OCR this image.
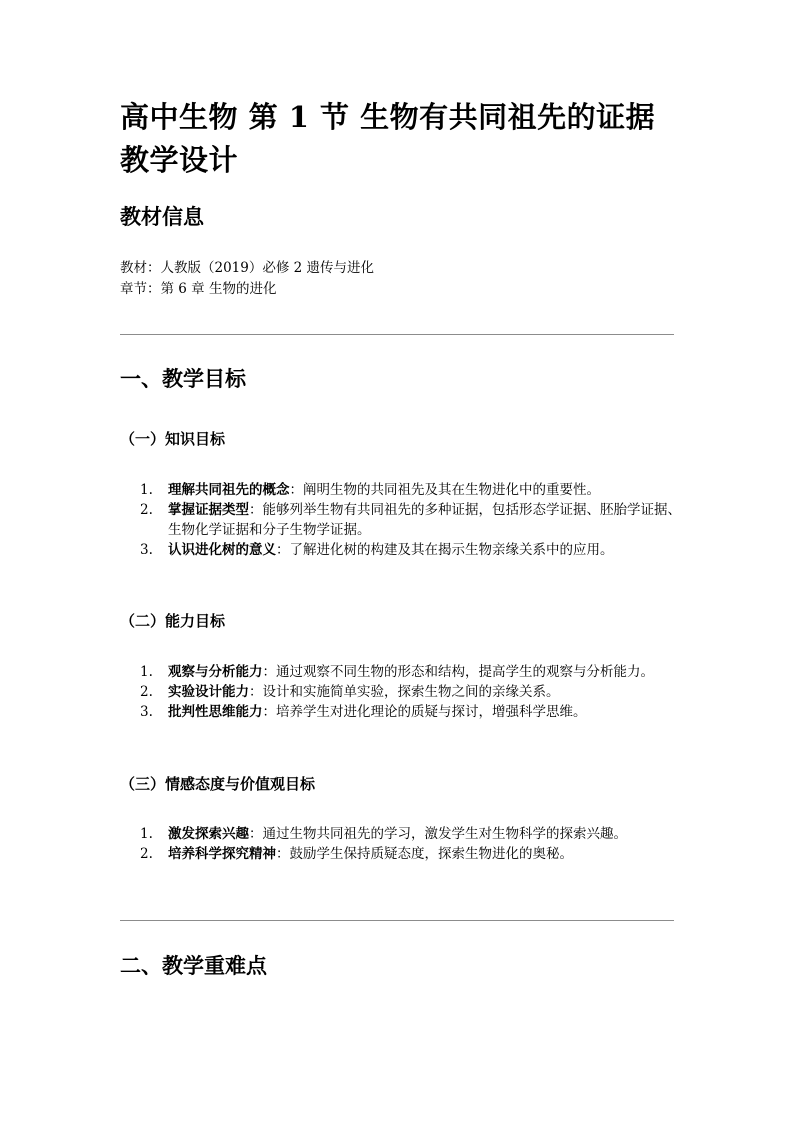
高中生物 第 1 节 生物有共同祖先的证据 教学设计
教材信息
教材：人教版（2019）必修 2 遗传与进化
章节：第 6 章 生物的进化
一、教学目标
（一）知识目标
1.	理解共同祖先的概念：阐明生物的共同祖先及其在生物进化中的重要性。
2.	掌握证据类型：能够列举生物有共同祖先的多种证据，包括形态学证据、胚胎学证据、生物化学证据和分子生物学证据。
3.	认识进化树的意义：了解进化树的构建及其在揭示生物亲缘关系中的应用。
（二）能力目标
1.	观察与分析能力：通过观察不同生物的形态和结构，提高学生的观察与分析能力。
2.	实验设计能力：设计和实施简单实验，探索生物之间的亲缘关系。
3.	批判性思维能力：培养学生对进化理论的质疑与探讨，增强科学思维。
（三）情感态度与价值观目标
1.	激发探索兴趣：通过生物共同祖先的学习，激发学生对生物科学的探索兴趣。
2.	培养科学探究精神：鼓励学生保持质疑态度，探索生物进化的奥秘。
二、教学重难点
